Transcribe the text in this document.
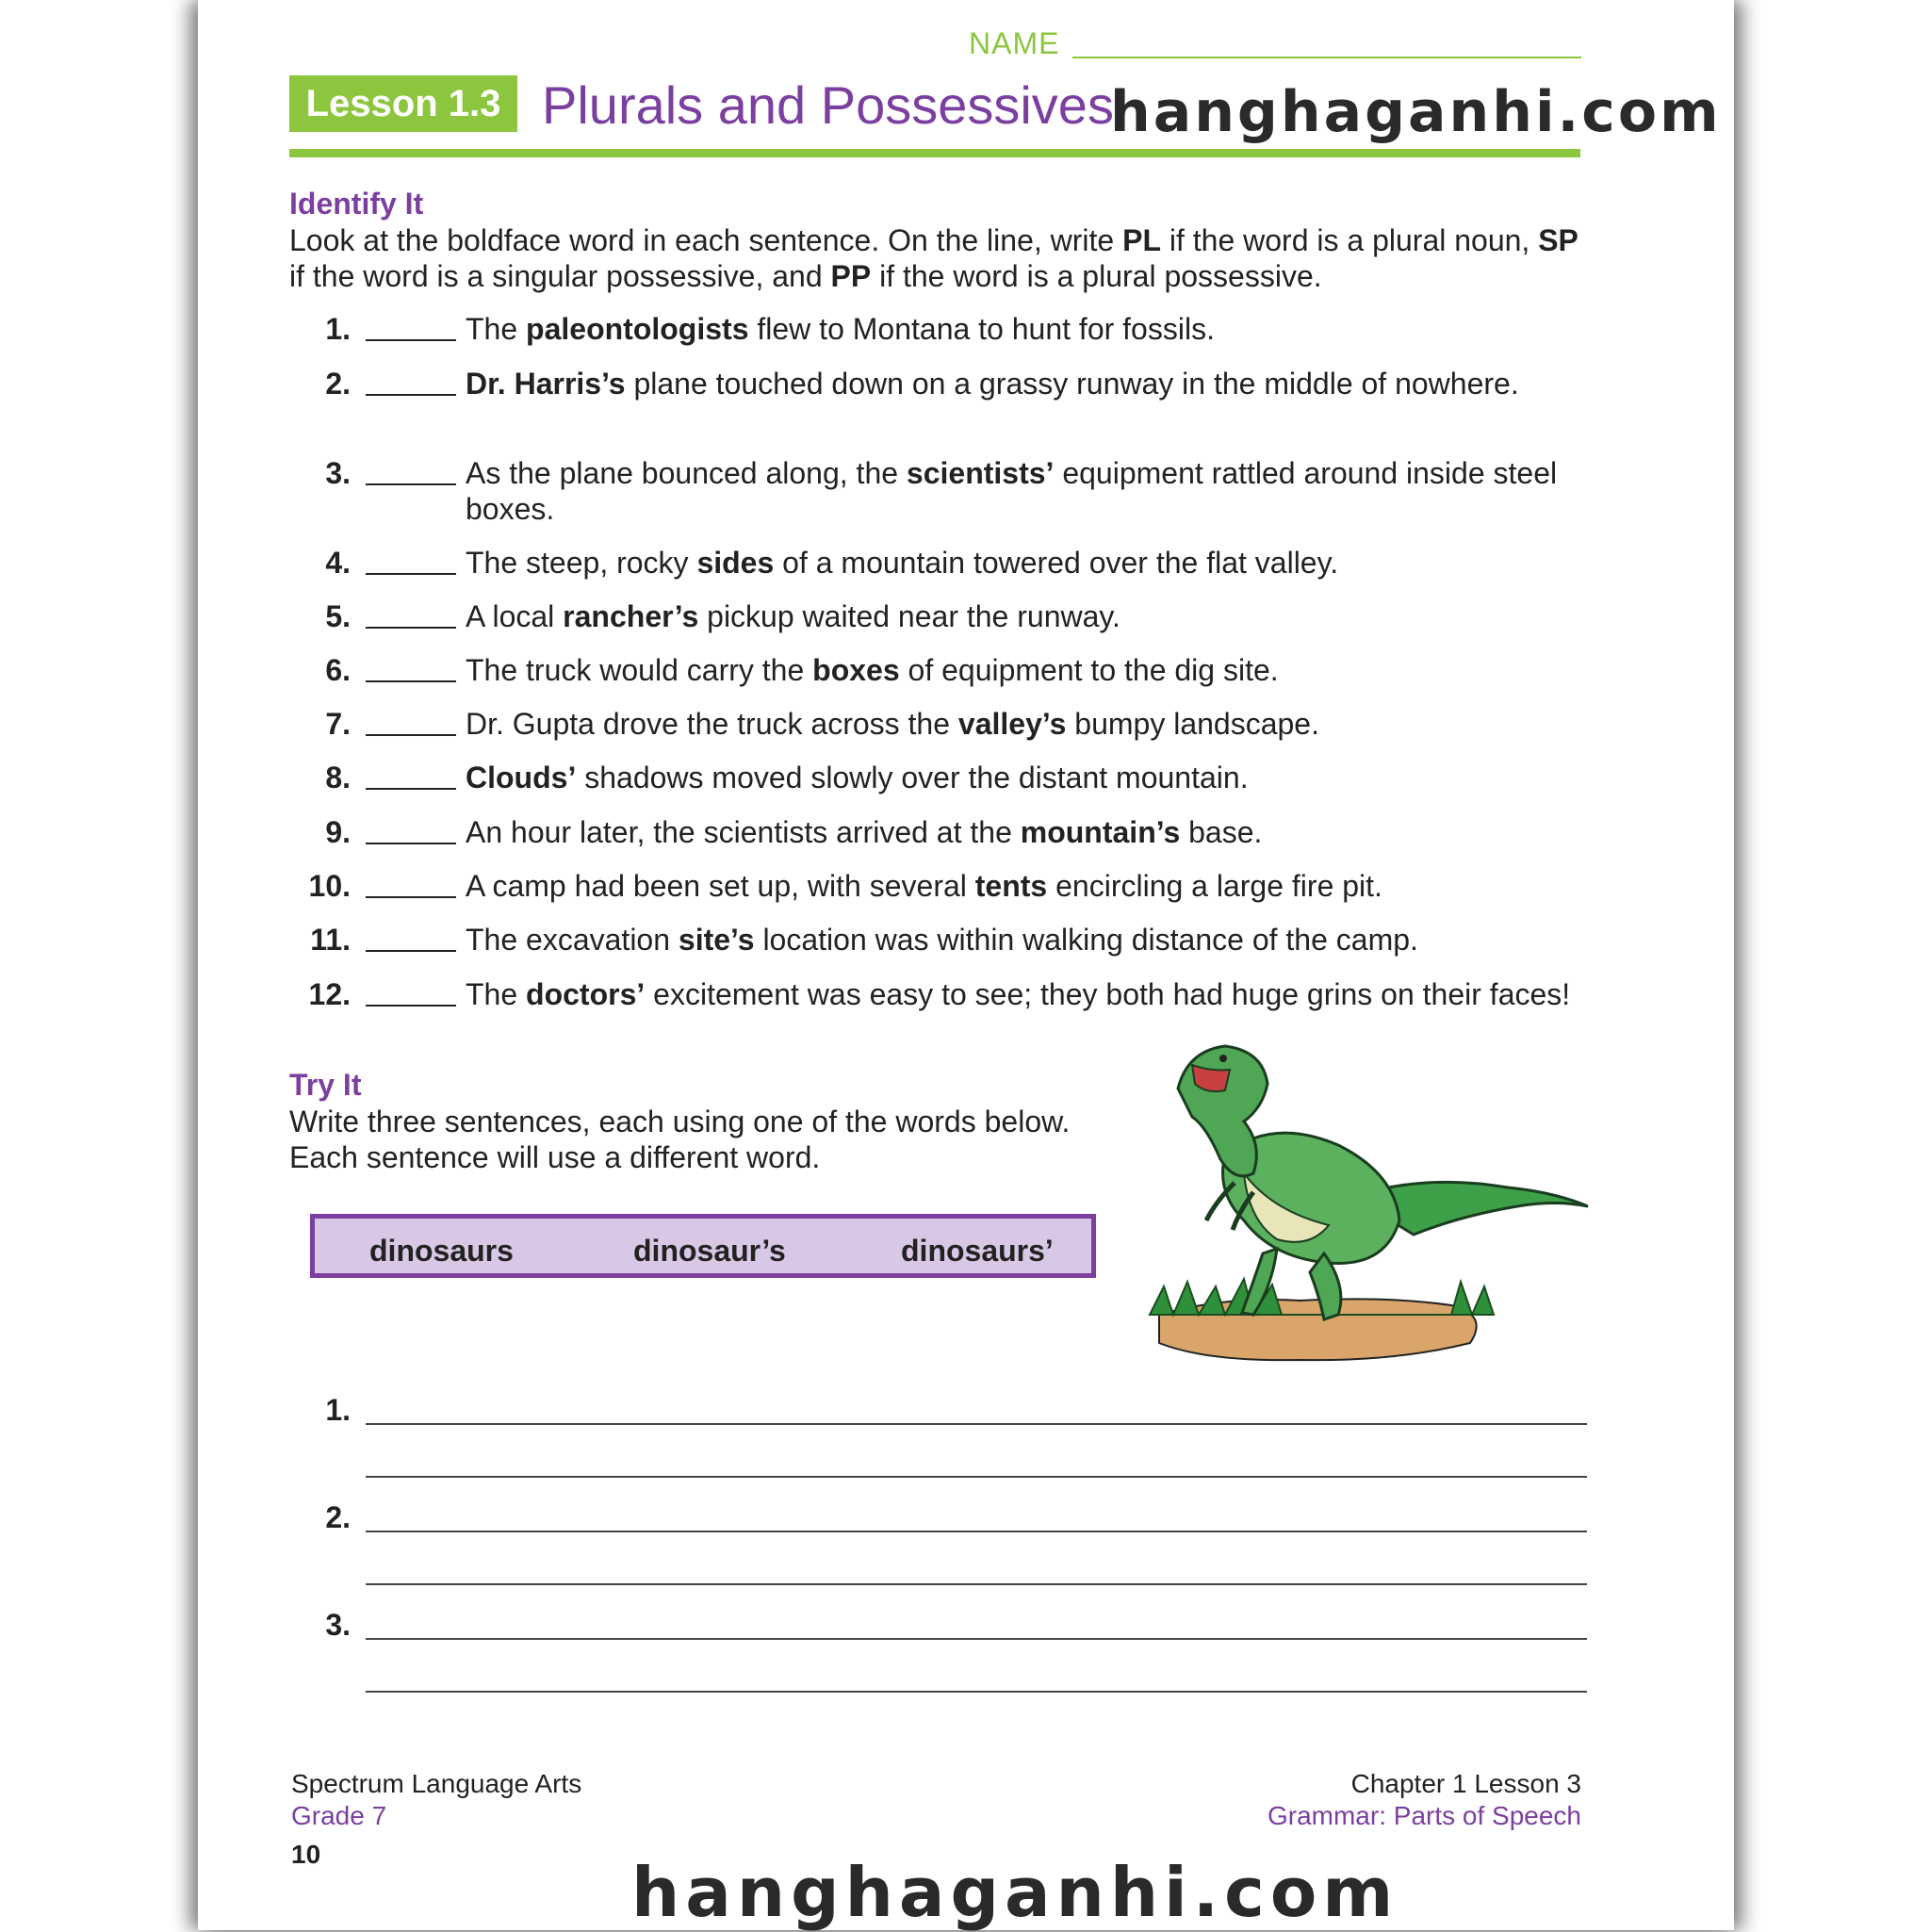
NAME
Lesson 1.3 Plurals and Possessives
hanghaganhi.com
Identify It
Look at the boldface word in each sentence. On the line, write PL if the word is a plural noun, SP if the word is a singular possessive, and PP if the word is a plural possessive.
1.	The paleontologists flew to Montana to hunt for fossils.
2.	Dr. Harris’s plane touched down on a grassy runway in the middle of nowhere.
3.	As the plane bounced along, the scientists’ equipment rattled around inside steel boxes.
4.	The steep, rocky sides of a mountain towered over the flat valley.
5.	A local rancher’s pickup waited near the runway.
6.	The truck would carry the boxes of equipment to the dig site.
7.	Dr. Gupta drove the truck across the valley’s bumpy landscape.
8.	Clouds’ shadows moved slowly over the distant mountain.
9.	An hour later, the scientists arrived at the mountain’s base.
10.	A camp had been set up, with several tents encircling a large fire pit.
11.	The excavation site’s location was within walking distance of the camp.
12.	The doctors’ excitement was easy to see; they both had huge grins on their faces!
Try It
Write three sentences, each using one of the words below. Each sentence will use a different word.
dinosaurs	dinosaur’s	dinosaurs’
1.
2.
3.
Spectrum Language Arts
Grade 7
10
Chapter 1 Lesson 3
Grammar: Parts of Speech
hanghaganhi.com
